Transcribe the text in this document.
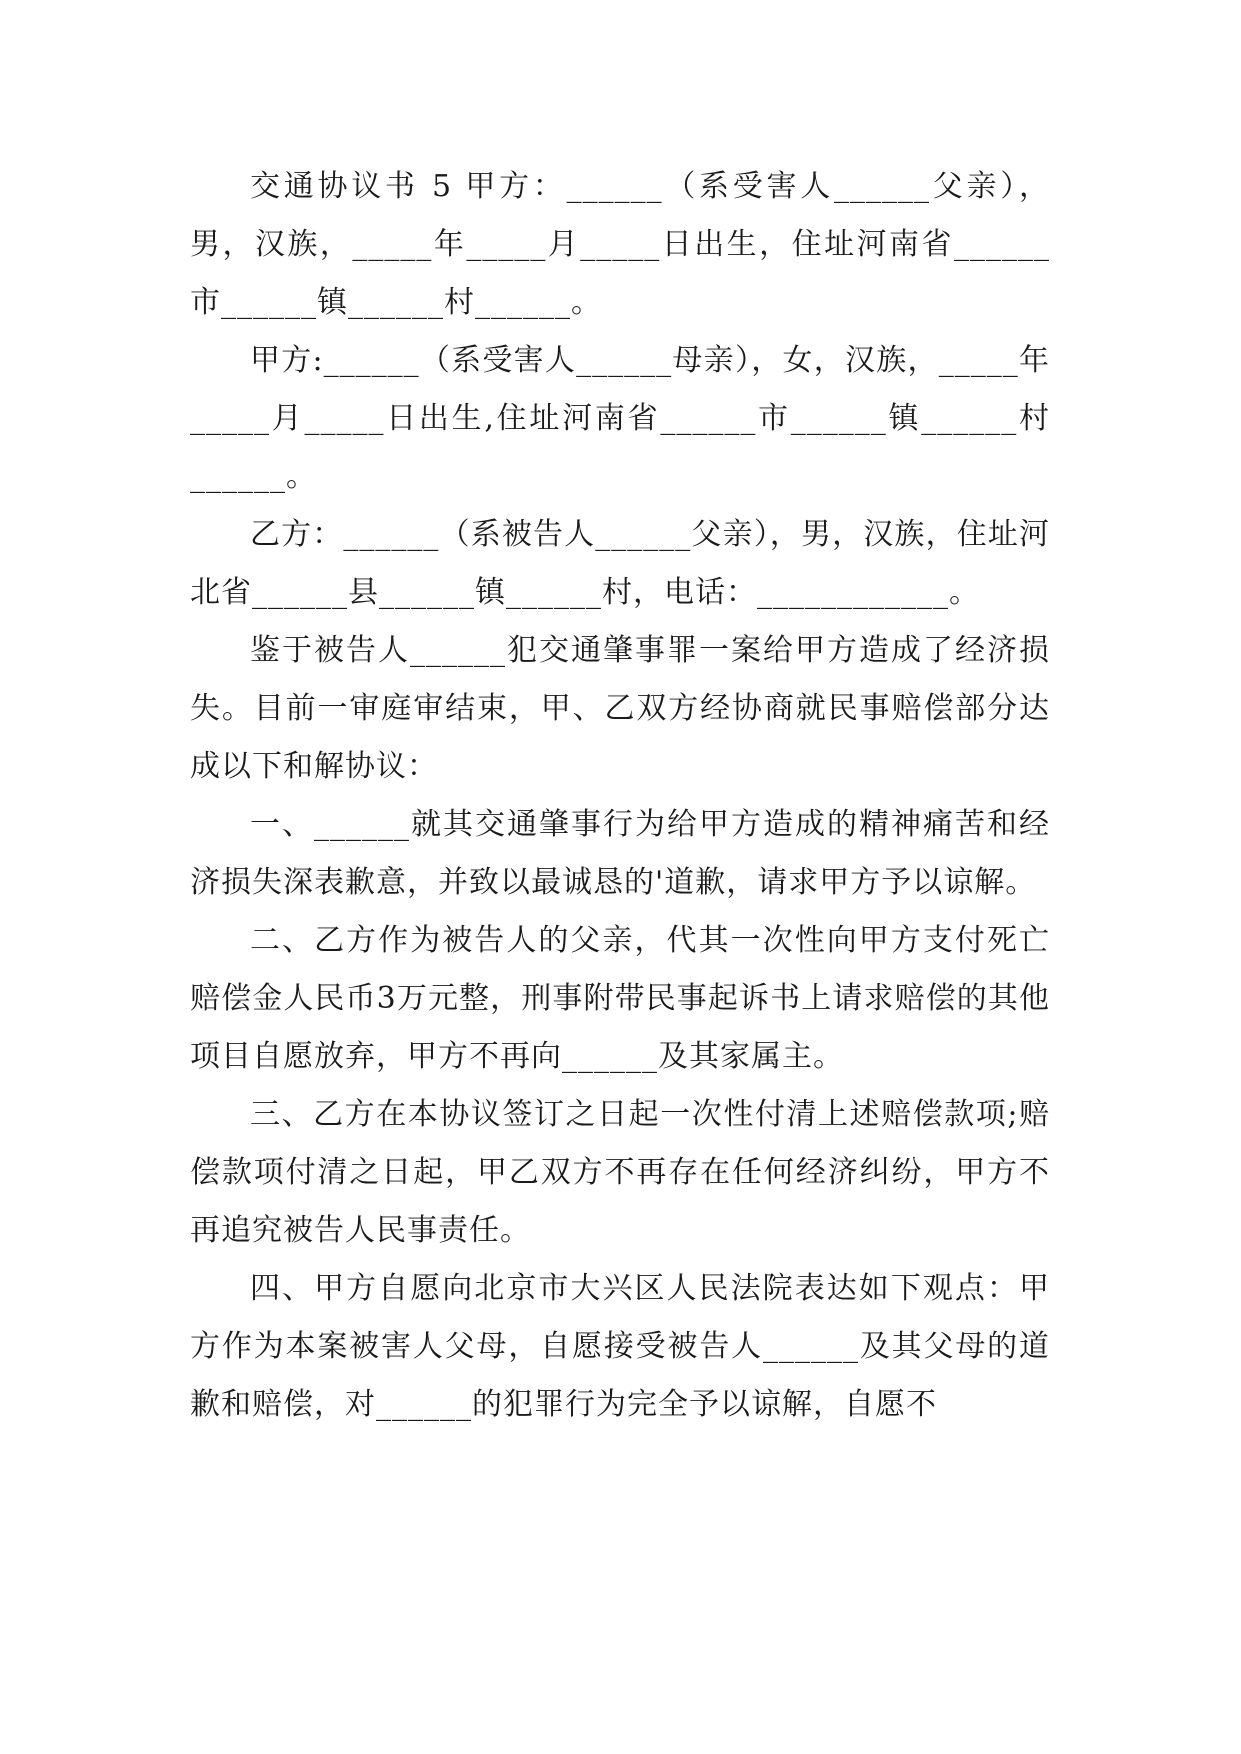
交通协议书 5 甲方：______（系受害人______父亲），男，汉族，_____年_____月_____日出生，住址河南省______市______镇______村______。

甲方:______（系受害人______母亲），女，汉族，_____年_____月_____日出生,住址河南省______市______镇______村______。

乙方：______（系被告人______父亲），男，汉族，住址河北省______县______镇______村，电话：____________。

鉴于被告人______犯交通肇事罪一案给甲方造成了经济损失。目前一审庭审结束，甲、乙双方经协商就民事赔偿部分达成以下和解协议：

一、______就其交通肇事行为给甲方造成的精神痛苦和经济损失深表歉意，并致以最诚恳的'道歉，请求甲方予以谅解。

二、乙方作为被告人的父亲，代其一次性向甲方支付死亡赔偿金人民币3万元整，刑事附带民事起诉书上请求赔偿的其他项目自愿放弃，甲方不再向______及其家属主。

三、乙方在本协议签订之日起一次性付清上述赔偿款项;赔偿款项付清之日起，甲乙双方不再存在任何经济纠纷，甲方不再追究被告人民事责任。

四、甲方自愿向北京市大兴区人民法院表达如下观点：甲方作为本案被害人父母，自愿接受被告人______及其父母的道歉和赔偿，对______的犯罪行为完全予以谅解，自愿不
